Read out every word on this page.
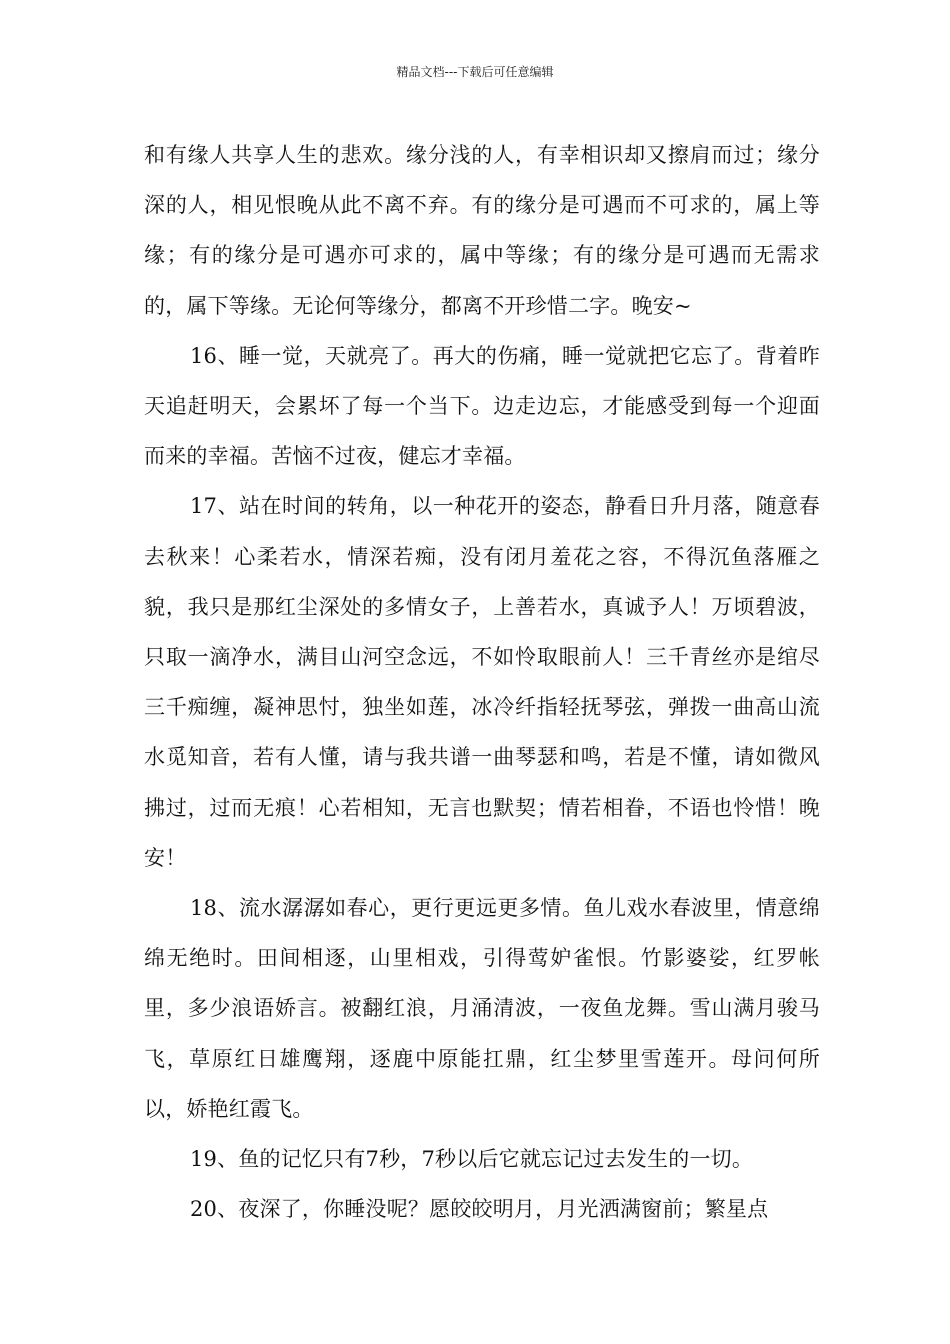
精品文档---下载后可任意编辑

和有缘人共享人生的悲欢。缘分浅的人，有幸相识却又擦肩而过；缘分深的人，相见恨晚从此不离不弃。有的缘分是可遇而不可求的，属上等缘；有的缘分是可遇亦可求的，属中等缘；有的缘分是可遇而无需求的，属下等缘。无论何等缘分，都离不开珍惜二字。晚安~

16、睡一觉，天就亮了。再大的伤痛，睡一觉就把它忘了。背着昨天追赶明天，会累坏了每一个当下。边走边忘，才能感受到每一个迎面而来的幸福。苦恼不过夜，健忘才幸福。

17、站在时间的转角，以一种花开的姿态，静看日升月落，随意春去秋来！心柔若水，情深若痴，没有闭月羞花之容，不得沉鱼落雁之貌，我只是那红尘深处的多情女子，上善若水，真诚予人！万顷碧波，只取一滴净水，满目山河空念远，不如怜取眼前人！三千青丝亦是绾尽三千痴缠，凝神思忖，独坐如莲，冰冷纤指轻抚琴弦，弹拨一曲高山流水觅知音，若有人懂，请与我共谱一曲琴瑟和鸣，若是不懂，请如微风拂过，过而无痕！心若相知，无言也默契；情若相眷，不语也怜惜！晚安！

18、流水潺潺如春心，更行更远更多情。鱼儿戏水春波里，情意绵绵无绝时。田间相逐，山里相戏，引得莺妒雀恨。竹影婆娑，红罗帐里，多少浪语娇言。被翻红浪，月涌清波，一夜鱼龙舞。雪山满月骏马飞，草原红日雄鹰翔，逐鹿中原能扛鼎，红尘梦里雪莲开。母问何所以，娇艳红霞飞。

19、鱼的记忆只有7秒，7秒以后它就忘记过去发生的一切。

20、夜深了，你睡没呢？愿皎皎明月，月光洒满窗前；繁星点
